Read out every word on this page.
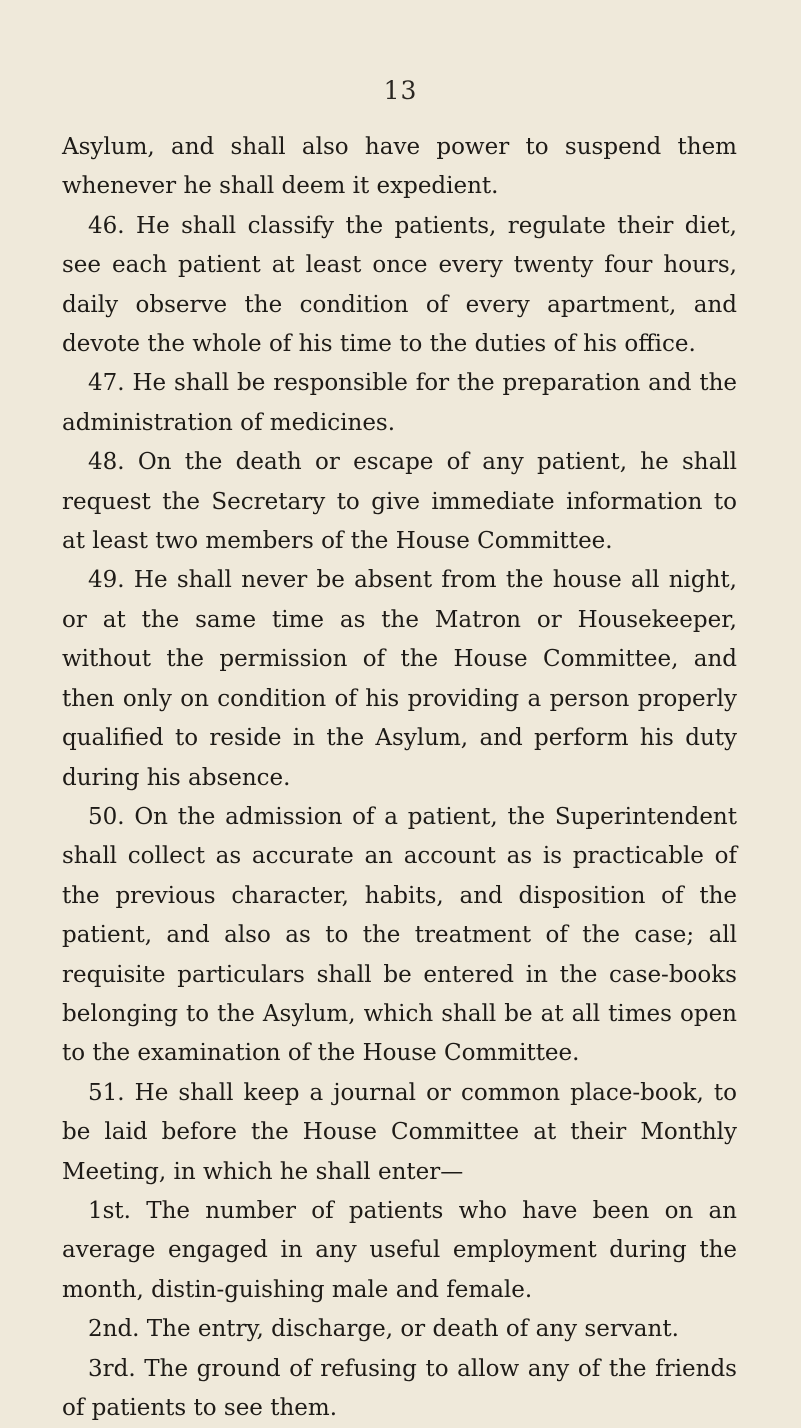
13

Asylum, and shall also have power to suspend them whenever he shall deem it expedient.

46. He shall classify the patients, regulate their diet, see each patient at least once every twenty four hours, daily observe the condition of every apartment, and devote the whole of his time to the duties of his office.

47. He shall be responsible for the preparation and the administration of medicines.

48. On the death or escape of any patient, he shall request the Secretary to give immediate information to at least two members of the House Committee.

49. He shall never be absent from the house all night, or at the same time as the Matron or Housekeeper, without the permission of the House Committee, and then only on condition of his providing a person properly qualified to reside in the Asylum, and perform his duty during his absence.

50. On the admission of a patient, the Superintendent shall collect as accurate an account as is practicable of the previous character, habits, and disposition of the patient, and also as to the treatment of the case; all requisite particulars shall be entered in the case-books belonging to the Asylum, which shall be at all times open to the examination of the House Committee.

51. He shall keep a journal or common place-book, to be laid before the House Committee at their Monthly Meeting, in which he shall enter—

1st. The number of patients who have been on an average engaged in any useful employment during the month, distin-guishing male and female.

2nd. The entry, discharge, or death of any servant.

3rd. The ground of refusing to allow any of the friends of patients to see them.
